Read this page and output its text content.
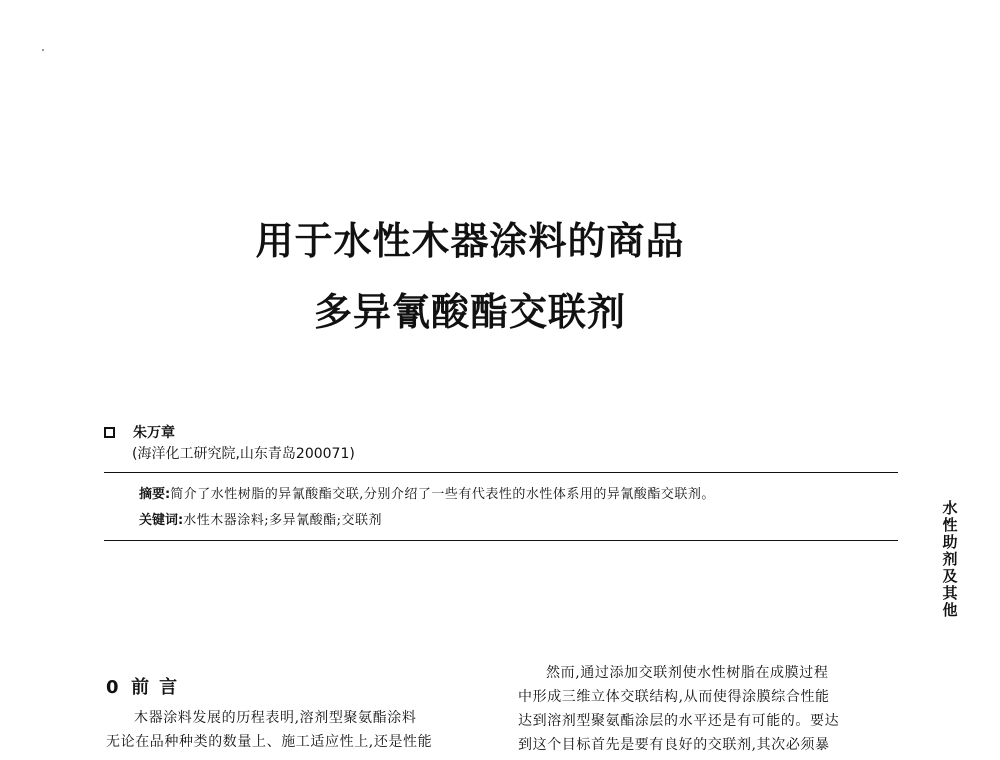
用于水性木器涂料的商品
多异氰酸酯交联剂
朱万章
(海洋化工研究院,山东青岛200071)
摘要:简介了水性树脂的异氰酸酯交联,分别介绍了一些有代表性的水性体系用的异氰酸酯交联剂。
关键词:水性木器涂料;多异氰酸酯;交联剂
水
性
助
剂
及
其
他
0 前言
木器涂料发展的历程表明,溶剂型聚氨酯涂料
无论在品种种类的数量上、施工适应性上,还是性能
然而,通过添加交联剂使水性树脂在成膜过程
中形成三维立体交联结构,从而使得涂膜综合性能
达到溶剂型聚氨酯涂层的水平还是有可能的。要达
到这个目标首先是要有良好的交联剂,其次必须暴
